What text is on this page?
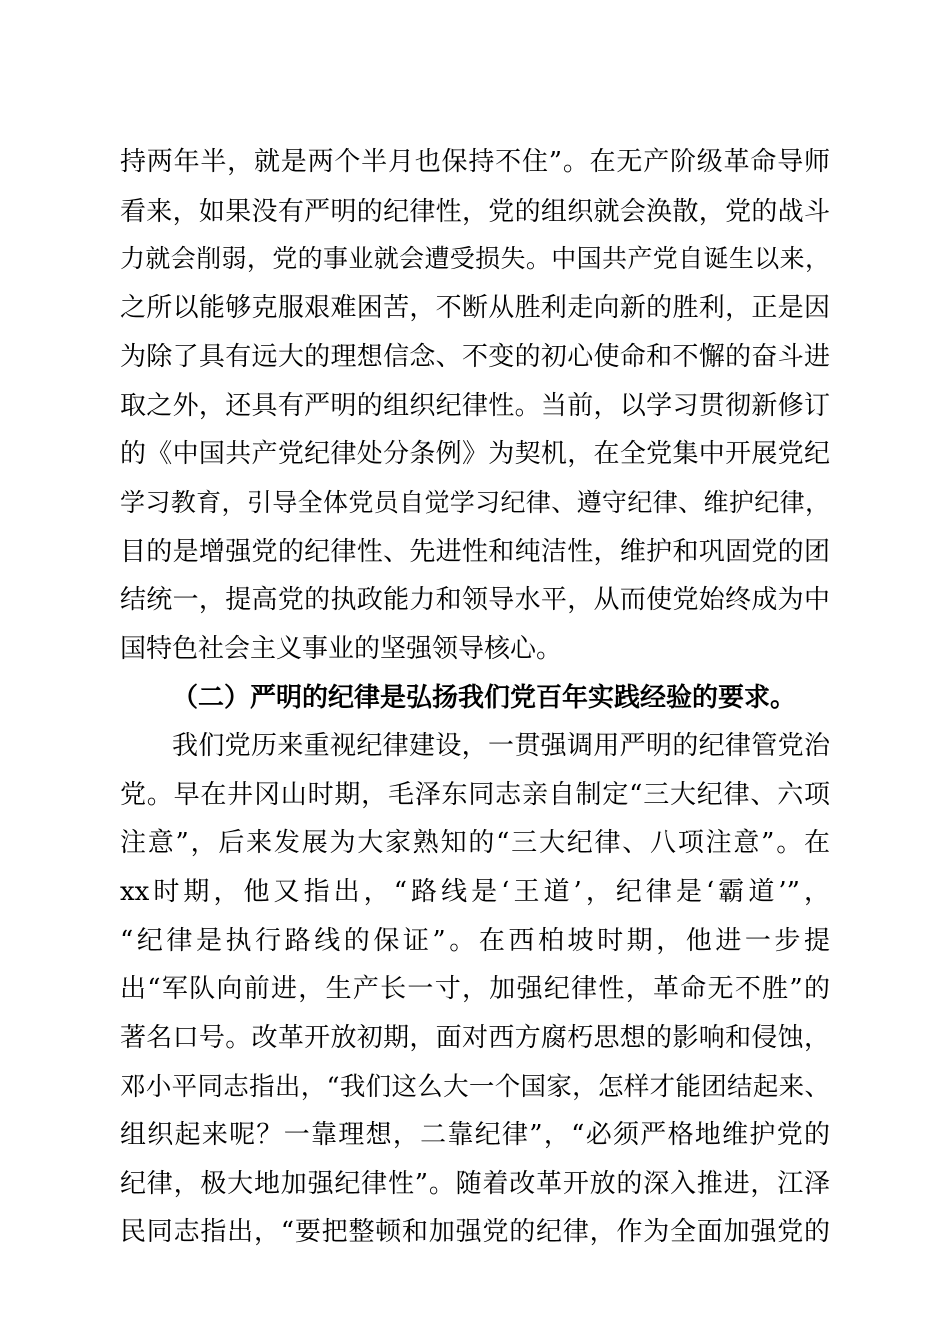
持两年半，就是两个半月也保持不住”。在无产阶级革命导师
看来，如果没有严明的纪律性，党的组织就会涣散，党的战斗
力就会削弱，党的事业就会遭受损失。中国共产党自诞生以来，
之所以能够克服艰难困苦，不断从胜利走向新的胜利，正是因
为除了具有远大的理想信念、不变的初心使命和不懈的奋斗进
取之外，还具有严明的组织纪律性。当前，以学习贯彻新修订
的《中国共产党纪律处分条例》为契机，在全党集中开展党纪
学习教育，引导全体党员自觉学习纪律、遵守纪律、维护纪律，
目的是增强党的纪律性、先进性和纯洁性，维护和巩固党的团
结统一，提高党的执政能力和领导水平，从而使党始终成为中
国特色社会主义事业的坚强领导核心。
（二）严明的纪律是弘扬我们党百年实践经验的要求。
我们党历来重视纪律建设，一贯强调用严明的纪律管党治
党。早在井冈山时期，毛泽东同志亲自制定“三大纪律、六项
注意”，后来发展为大家熟知的“三大纪律、八项注意”。在
xx时期，他又指出，“路线是‘王道’，纪律是‘霸道’”，
“纪律是执行路线的保证”。在西柏坡时期，他进一步提
出“军队向前进，生产长一寸，加强纪律性，革命无不胜”的
著名口号。改革开放初期，面对西方腐朽思想的影响和侵蚀，
邓小平同志指出，“我们这么大一个国家，怎样才能团结起来、
组织起来呢？一靠理想，二靠纪律”，“必须严格地维护党的
纪律，极大地加强纪律性”。随着改革开放的深入推进，江泽
民同志指出，“要把整顿和加强党的纪律，作为全面加强党的
